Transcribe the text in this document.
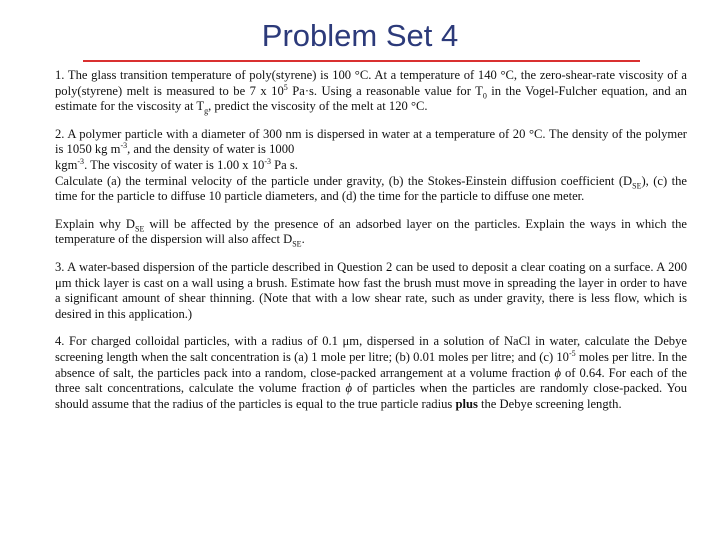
Problem Set 4

1. The glass transition temperature of poly(styrene) is 100 °C. At a temperature of 140 °C, the zero-shear-rate viscosity of a poly(styrene) melt is measured to be 7 x $10^5$ Pa·s. Using a reasonable value for $T_0$ in the Vogel-Fulcher equation, and an estimate for the viscosity at $T_g$, predict the viscosity of the melt at 120 °C.

2. A polymer particle with a diameter of 300 nm is dispersed in water at a temperature of 20 °C. The density of the polymer is 1050 kg $m^{-3}$, and the density of water is 1000
kgm$^{-3}$. The viscosity of water is 1.00 x $10^{-3}$ Pa s.
Calculate (a) the terminal velocity of the particle under gravity, (b) the Stokes-Einstein diffusion coefficient $(D_{SE})$, (c) the time for the particle to diffuse 10 particle diameters, and (d) the time for the particle to diffuse one meter.

Explain why $D_{SE}$ will be affected by the presence of an adsorbed layer on the particles. Explain the ways in which the temperature of the dispersion will also affect $D_{SE}$.

3. A water-based dispersion of the particle described in Question 2 can be used to deposit a clear coating on a surface. A 200 μm thick layer is cast on a wall using a brush. Estimate how fast the brush must move in spreading the layer in order to have a significant amount of shear thinning. (Note that with a low shear rate, such as under gravity, there is less flow, which is desired in this application.)

4. For charged colloidal particles, with a radius of 0.1 μm, dispersed in a solution of NaCl in water, calculate the Debye screening length when the salt concentration is (a) 1 mole per litre; (b) 0.01 moles per litre; and (c) $10^{-5}$ moles per litre. In the absence of salt, the particles pack into a random, close-packed arrangement at a volume fraction ϕ of 0.64. For each of the three salt concentrations, calculate the volume fraction ϕ of particles when the particles are randomly close-packed. You should assume that the radius of the particles is equal to the true particle radius plus the Debye screening length.
